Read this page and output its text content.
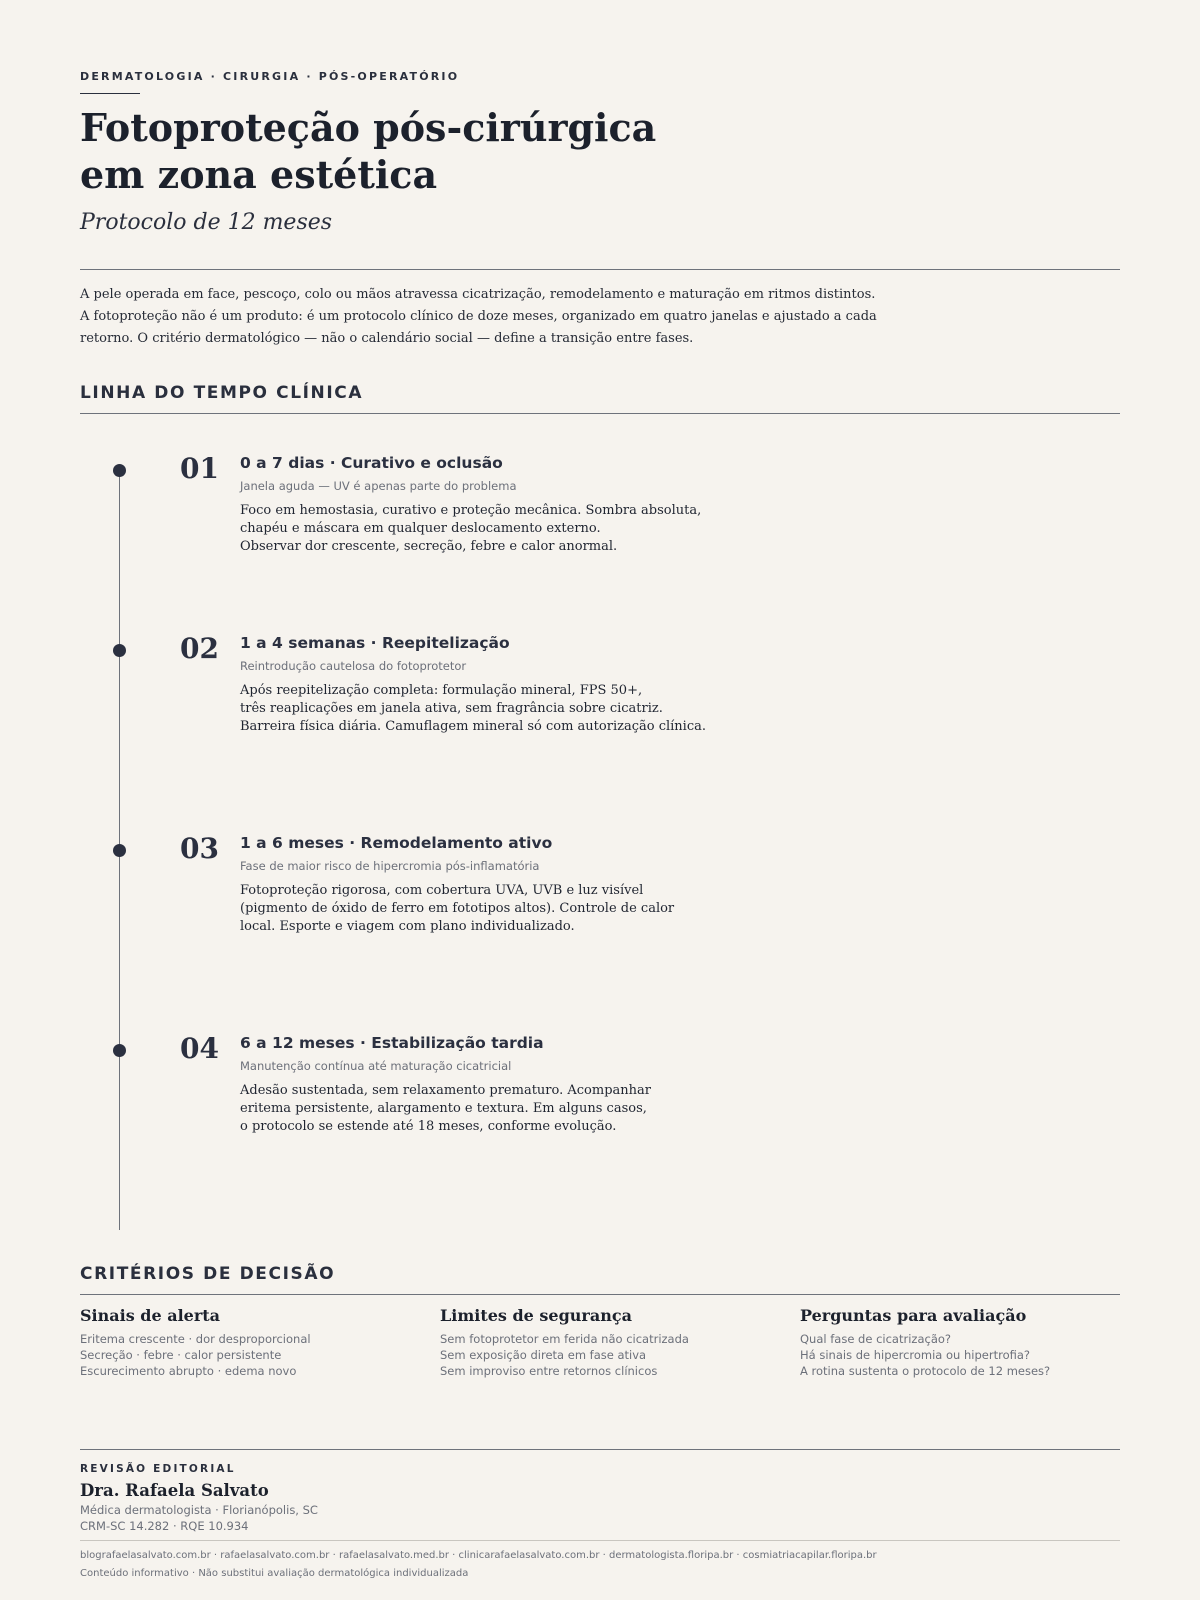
DERMATOLOGIA · CIRURGIA · PÓS-OPERATÓRIO
Fotoproteção pós-cirúrgica
em zona estética
Protocolo de 12 meses
A pele operada em face, pescoço, colo ou mãos atravessa cicatrização, remodelamento e maturação em ritmos distintos.
A fotoproteção não é um produto: é um protocolo clínico de doze meses, organizado em quatro janelas e ajustado a cada
retorno. O critério dermatológico — não o calendário social — define a transição entre fases.
LINHA DO TEMPO CLÍNICA
01 0 a 7 dias · Curativo e oclusão
Janela aguda — UV é apenas parte do problema
Foco em hemostasia, curativo e proteção mecânica. Sombra absoluta,
chapéu e máscara em qualquer deslocamento externo.
Observar dor crescente, secreção, febre e calor anormal.
02 1 a 4 semanas · Reepitelização
Reintrodução cautelosa do fotoprotetor
Após reepitelização completa: formulação mineral, FPS 50+,
três reaplicações em janela ativa, sem fragrância sobre cicatriz.
Barreira física diária. Camuflagem mineral só com autorização clínica.
03 1 a 6 meses · Remodelamento ativo
Fase de maior risco de hipercromia pós-inflamatória
Fotoproteção rigorosa, com cobertura UVA, UVB e luz visível
(pigmento de óxido de ferro em fototipos altos). Controle de calor
local. Esporte e viagem com plano individualizado.
04 6 a 12 meses · Estabilização tardia
Manutenção contínua até maturação cicatricial
Adesão sustentada, sem relaxamento prematuro. Acompanhar
eritema persistente, alargamento e textura. Em alguns casos,
o protocolo se estende até 18 meses, conforme evolução.
CRITÉRIOS DE DECISÃO
Sinais de alerta
Eritema crescente · dor desproporcional
Secreção · febre · calor persistente
Escurecimento abrupto · edema novo
Limites de segurança
Sem fotoprotetor em ferida não cicatrizada
Sem exposição direta em fase ativa
Sem improviso entre retornos clínicos
Perguntas para avaliação
Qual fase de cicatrização?
Há sinais de hipercromia ou hipertrofia?
A rotina sustenta o protocolo de 12 meses?
REVISÃO EDITORIAL
Dra. Rafaela Salvato
Médica dermatologista · Florianópolis, SC
CRM-SC 14.282 · RQE 10.934
blografaelasalvato.com.br · rafaelasalvato.com.br · rafaelasalvato.med.br · clinicarafaelasalvato.com.br · dermatologista.floripa.br · cosmiatriacapilar.floripa.br
Conteúdo informativo · Não substitui avaliação dermatológica individualizada
